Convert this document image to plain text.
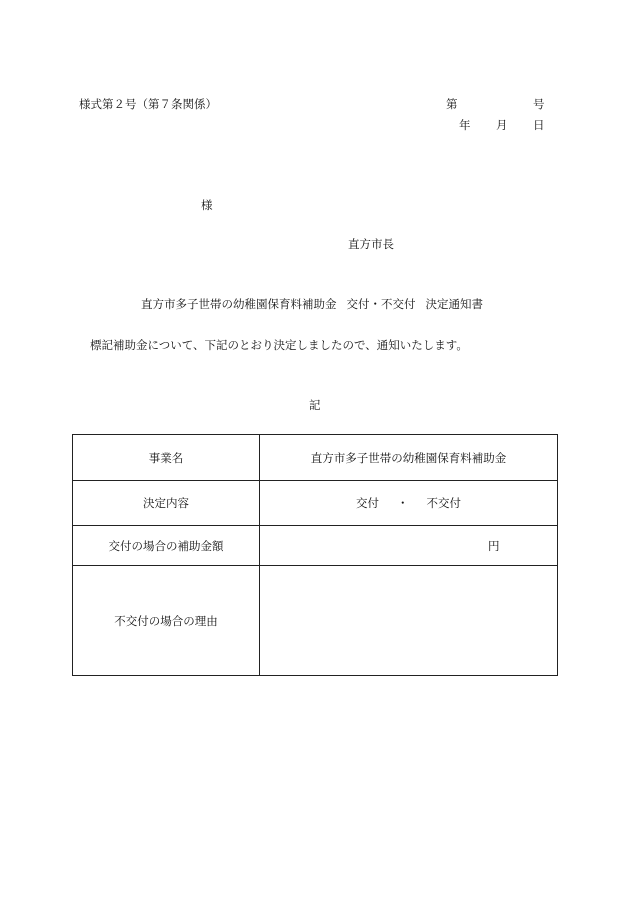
様式第２号（第７条関係）	第	号
年 月 日
様
直方市長
直方市多子世帯の幼稚園保育料補助金 交付・不交付 決定通知書
標記補助金について、下記のとおり決定しましたので、通知いたします。
記
事業名	直方市多子世帯の幼稚園保育料補助金
決定内容	交付 ・ 不交付
交付の場合の補助金額	円
不交付の場合の理由	
